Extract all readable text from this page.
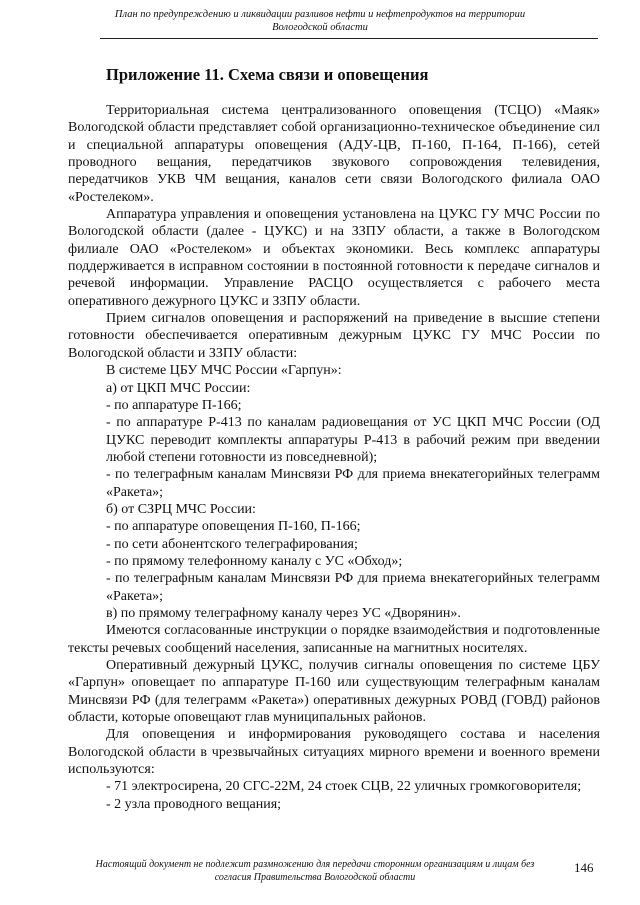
План по предупреждению и ликвидации разливов нефти и нефтепродуктов на территории
Вологодской области
Приложение 11. Схема связи и оповещения

Территориальная система централизованного оповещения (ТСЦО) «Маяк» Вологодской области представляет собой организационно-техническое объединение сил и специальной аппаратуры оповещения (АДУ-ЦВ, П-160, П-164, П-166), сетей проводного вещания, передатчиков звукового сопровождения телевидения, передатчиков УКВ ЧМ вещания, каналов сети связи Вологодского филиала ОАО «Ростелеком».

Аппаратура управления и оповещения установлена на ЦУКС ГУ МЧС России по Вологодской области (далее - ЦУКС) и на ЗЗПУ области, а также в Вологодском филиале ОАО «Ростелеком» и объектах экономики. Весь комплекс аппаратуры поддерживается в исправном состоянии в постоянной готовности к передаче сигналов и речевой информации. Управление РАСЦО осуществляется с рабочего места оперативного дежурного ЦУКС и ЗЗПУ области.

Прием сигналов оповещения и распоряжений на приведение в высшие степени готовности обеспечивается оперативным дежурным ЦУКС ГУ МЧС России по Вологодской области и ЗЗПУ области:

В системе ЦБУ МЧС России «Гарпун»:

а) от ЦКП МЧС России:

- по аппаратуре П-166;

- по аппаратуре Р-413 по каналам радиовещания от УС ЦКП МЧС России (ОД ЦУКС переводит комплекты аппаратуры Р-413 в рабочий режим при введении любой степени готовности из повседневной);

- по телеграфным каналам Минсвязи РФ для приема внекатегорийных телеграмм «Ракета»;

б) от СЗРЦ МЧС России:

- по аппаратуре оповещения П-160, П-166;

- по сети абонентского телеграфирования;

- по прямому телефонному каналу с УС «Обход»;

- по телеграфным каналам Минсвязи РФ для приема внекатегорийных телеграмм «Ракета»;

в) по прямому телеграфному каналу через УС «Дворянин».

Имеются согласованные инструкции о порядке взаимодействия и подготовленные тексты речевых сообщений населения, записанные на магнитных носителях.

Оперативный дежурный ЦУКС, получив сигналы оповещения по системе ЦБУ «Гарпун» оповещает по аппаратуре П-160 или существующим телеграфным каналам Минсвязи РФ (для телеграмм «Ракета») оперативных дежурных РОВД (ГОВД) районов области, которые оповещают глав муниципальных районов.

Для оповещения и информирования руководящего состава и населения Вологодской области в чрезвычайных ситуациях мирного времени и военного времени используются:

- 71 электросирена, 20 СГС-22М, 24 стоек СЦВ, 22 уличных громкоговорителя;

- 2 узла проводного вещания;

Настоящий документ не подлежит размножению для передачи сторонним организациям и лицам без
согласия Правительства Вологодской области
146
